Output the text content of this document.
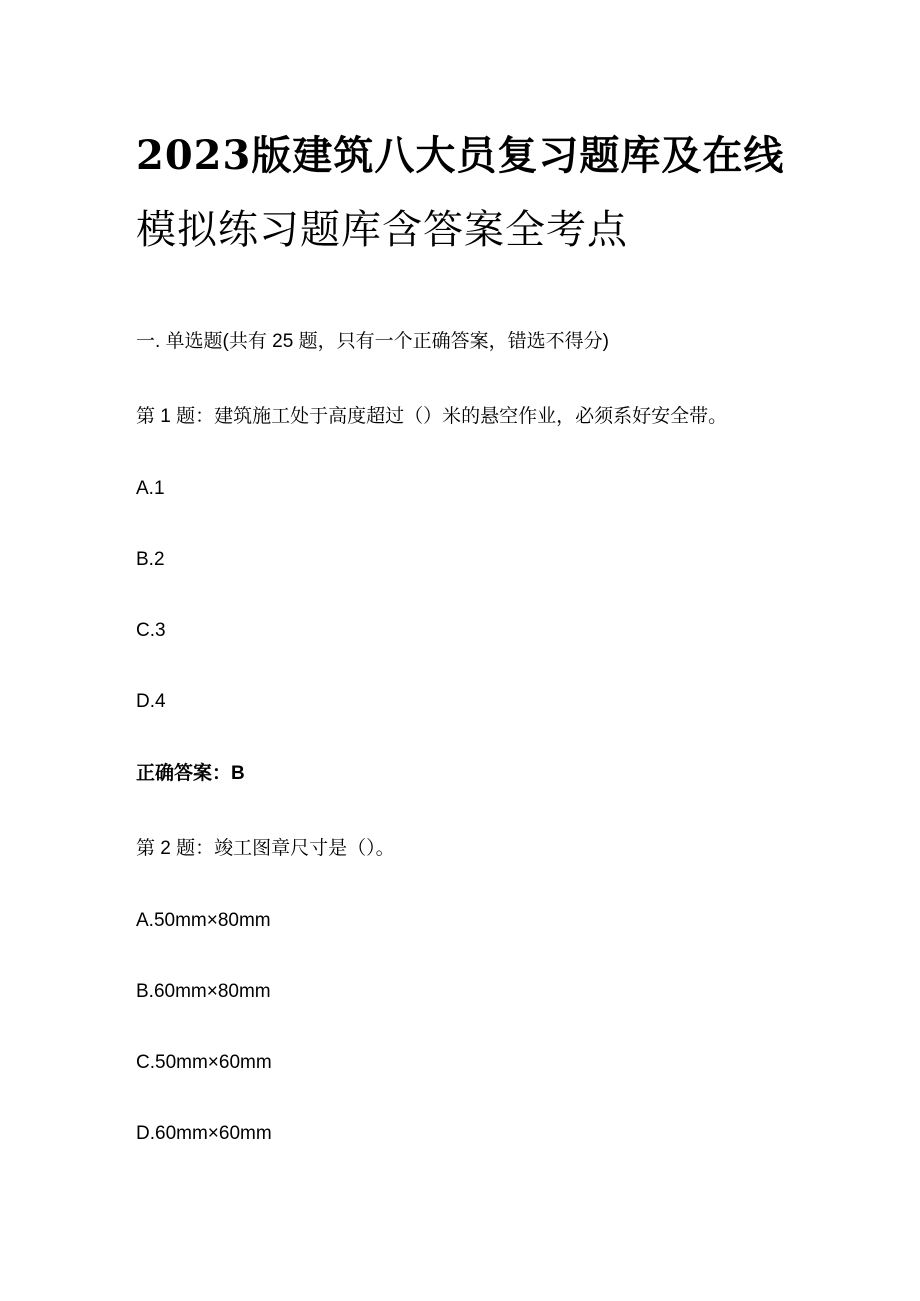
2023版建筑八大员复习题库及在线
模拟练习题库含答案全考点
一. 单选题(共有 25 题，只有一个正确答案，错选不得分)
第 1 题：建筑施工处于高度超过（）米的悬空作业，必须系好安全带。
A.1
B.2
C.3
D.4
正确答案：B
第 2 题：竣工图章尺寸是（）。
A.50mm×80mm
B.60mm×80mm
C.50mm×60mm
D.60mm×60mm
